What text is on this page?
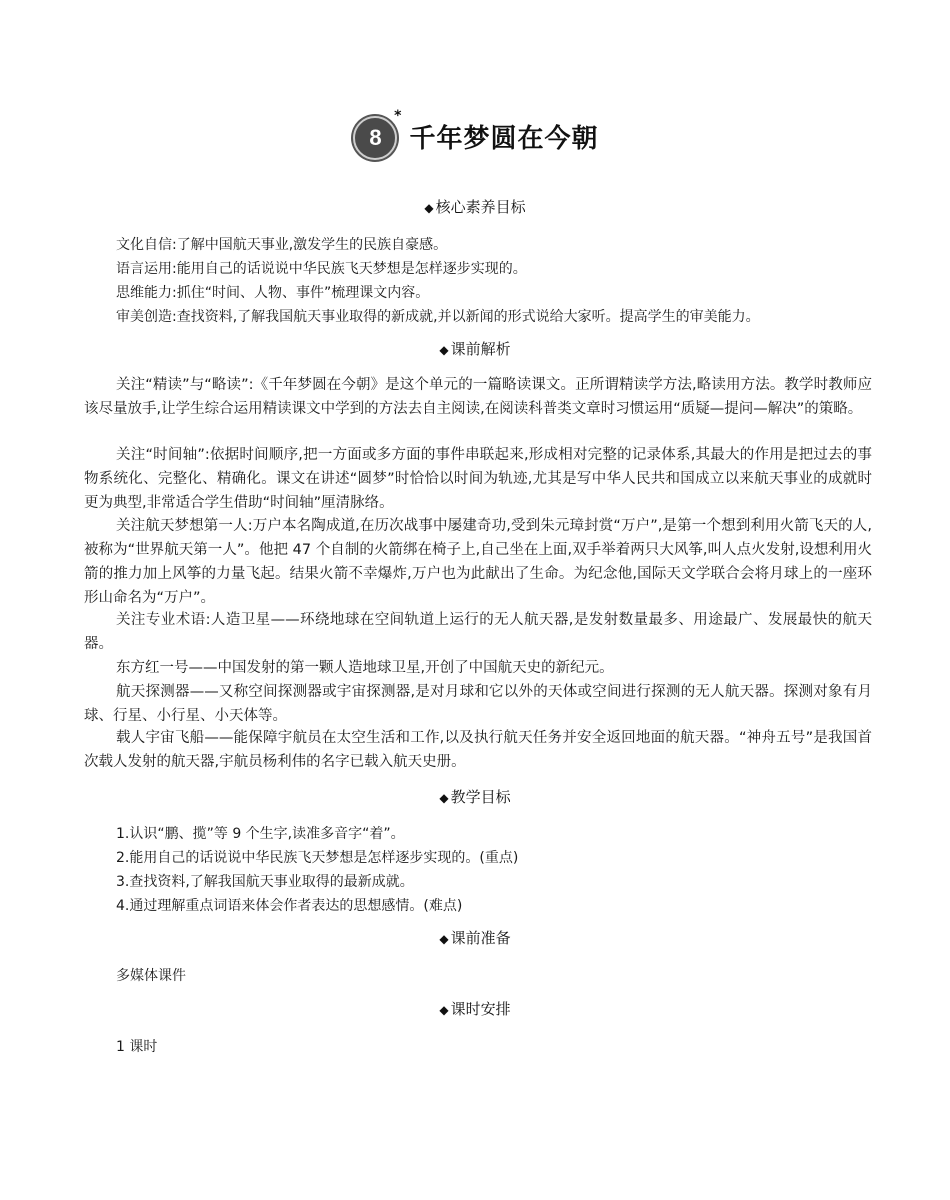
8
*
千年梦圆在今朝
◆ 核心素养目标
文化自信:了解中国航天事业,激发学生的民族自豪感。
语言运用:能用自己的话说说中华民族飞天梦想是怎样逐步实现的。
思维能力:抓住“时间、人物、事件”梳理课文内容。
审美创造:查找资料,了解我国航天事业取得的新成就,并以新闻的形式说给大家听。提高学生的审美能力。
◆ 课前解析
关注“精读”与“略读”:《千年梦圆在今朝》是这个单元的一篇略读课文。正所谓精读学方法,略读用方法。教学时教师应该尽量放手,让学生综合运用精读课文中学到的方法去自主阅读,在阅读科普类文章时习惯运用“质疑—提问—解决”的策略。
关注“时间轴”:依据时间顺序,把一方面或多方面的事件串联起来,形成相对完整的记录体系,其最大的作用是把过去的事物系统化、完整化、精确化。课文在讲述“圆梦”时恰恰以时间为轨迹,尤其是写中华人民共和国成立以来航天事业的成就时更为典型,非常适合学生借助“时间轴”厘清脉络。
关注航天梦想第一人:万户本名陶成道,在历次战事中屡建奇功,受到朱元璋封赏“万户”,是第一个想到利用火箭飞天的人,被称为“世界航天第一人”。他把 47 个自制的火箭绑在椅子上,自己坐在上面,双手举着两只大风筝,叫人点火发射,设想利用火箭的推力加上风筝的力量飞起。结果火箭不幸爆炸,万户也为此献出了生命。为纪念他,国际天文学联合会将月球上的一座环形山命名为“万户”。
关注专业术语:人造卫星——环绕地球在空间轨道上运行的无人航天器,是发射数量最多、用途最广、发展最快的航天器。
东方红一号——中国发射的第一颗人造地球卫星,开创了中国航天史的新纪元。
航天探测器——又称空间探测器或宇宙探测器,是对月球和它以外的天体或空间进行探测的无人航天器。探测对象有月球、行星、小行星、小天体等。
载人宇宙飞船——能保障宇航员在太空生活和工作,以及执行航天任务并安全返回地面的航天器。“神舟五号”是我国首次载人发射的航天器,宇航员杨利伟的名字已载入航天史册。
◆ 教学目标
1.认识“鹏、揽”等 9 个生字,读准多音字“着”。
2.能用自己的话说说中华民族飞天梦想是怎样逐步实现的。(重点)
3.查找资料,了解我国航天事业取得的最新成就。
4.通过理解重点词语来体会作者表达的思想感情。(难点)
◆ 课前准备
多媒体课件
◆ 课时安排
1 课时
